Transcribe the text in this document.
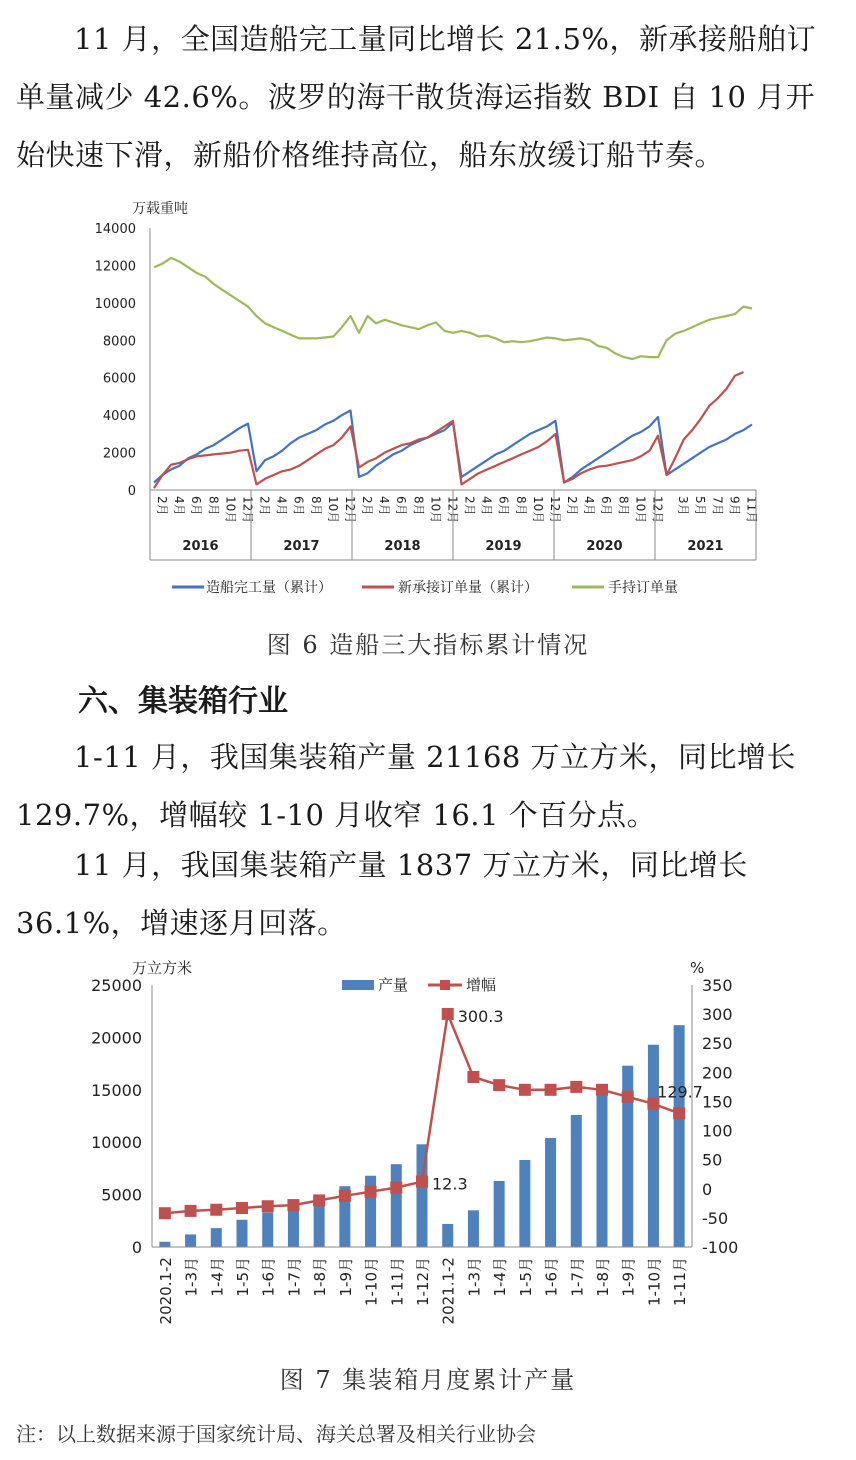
11 月，全国造船完工量同比增长 21.5%，新承接船舶订单量减少 42.6%。波罗的海干散货海运指数 BDI 自 10 月开始快速下滑，新船价格维持高位，船东放缓订船节奏。

万载重吨
0
2000
4000
6000
8000
10000
12000
14000
2016
2月 4月 6月 8月 10月 12月
2017
2月 4月 6月 8月 10月 12月
2018
2月 4月 6月 8月 10月 12月
2019
2月 4月 6月 8月 10月 12月
2020
2月 4月 6月 8月 10月 12月
2021
3月 5月 7月 9月 11月
造船完工量（累计）	新承接订单量（累计）	手持订单量

图 6 造船三大指标累计情况

六、集装箱行业

1-11 月，我国集装箱产量 21168 万立方米，同比增长 129.7%，增幅较 1-10 月收窄 16.1 个百分点。

11 月，我国集装箱产量 1837 万立方米，同比增长 36.1%，增速逐月回落。

万立方米	%
0
5000
10000
15000
20000
25000
-100
-50
0
50
100
150
200
250
300
350
12.3
300.3
129.7
2020.1-2 1-3月 1-4月 1-5月 1-6月 1-7月 1-8月 1-9月 1-10月 1-11月 1-12月 2021.1-2 1-3月 1-4月 1-5月 1-6月 1-7月 1-8月 1-9月 1-10月 1-11月
产量	增幅

图 7 集装箱月度累计产量

注：以上数据来源于国家统计局、海关总署及相关行业协会
